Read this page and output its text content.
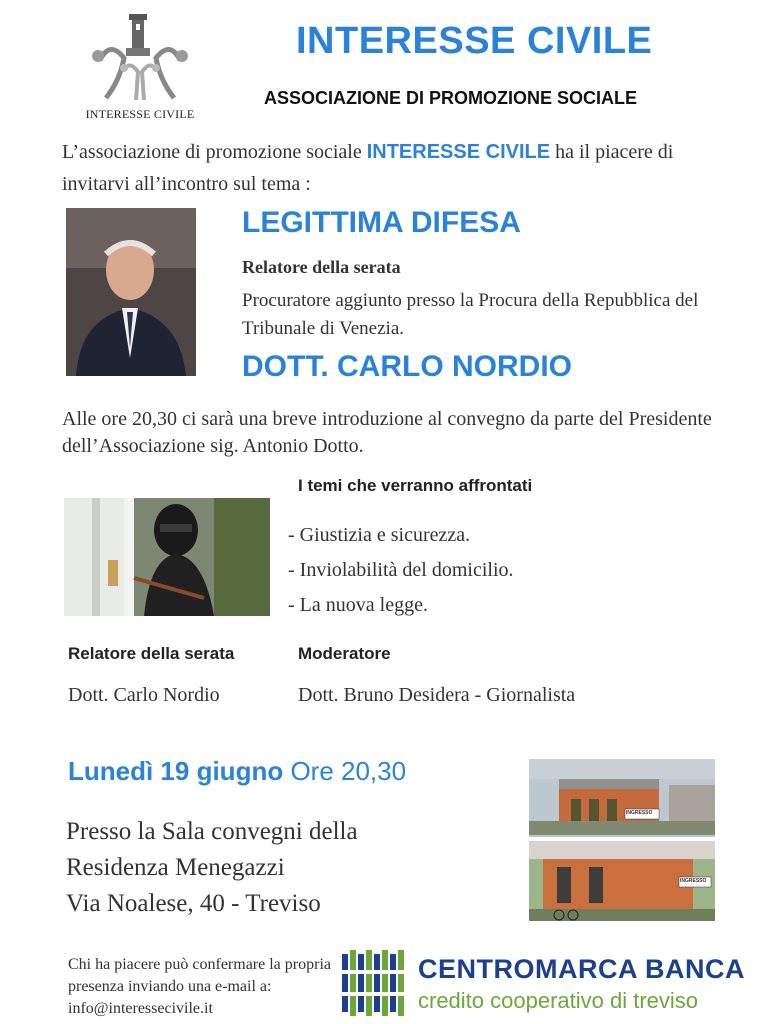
INTERESSE CIVILE
INTERESSE CIVILE
ASSOCIAZIONE DI PROMOZIONE SOCIALE
L’associazione di promozione sociale INTERESSE CIVILE ha il piacere di invitarvi all’incontro sul tema :
LEGITTIMA DIFESA
Relatore della serata
Procuratore aggiunto presso la Procura della Repubblica del Tribunale di Venezia.
DOTT. CARLO NORDIO
Alle ore 20,30 ci sarà una breve introduzione al convegno da parte del Presidente dell’Associazione sig. Antonio Dotto.
I temi che verranno affrontati
- Giustizia e sicurezza.
- Inviolabilità del domicilio.
- La nuova legge.
Relatore della serata	Moderatore
Dott. Carlo Nordio	Dott. Bruno Desidera - Giornalista
Lunedì 19 giugno Ore 20,30
Presso la Sala convegni della
Residenza Menegazzi
Via Noalese, 40 - Treviso
INGRESSO
INGRESSO
Chi ha piacere può confermare la propria presenza inviando una e-mail a: info@interessecivile.it
CENTROMARCA BANCA
credito cooperativo di treviso
